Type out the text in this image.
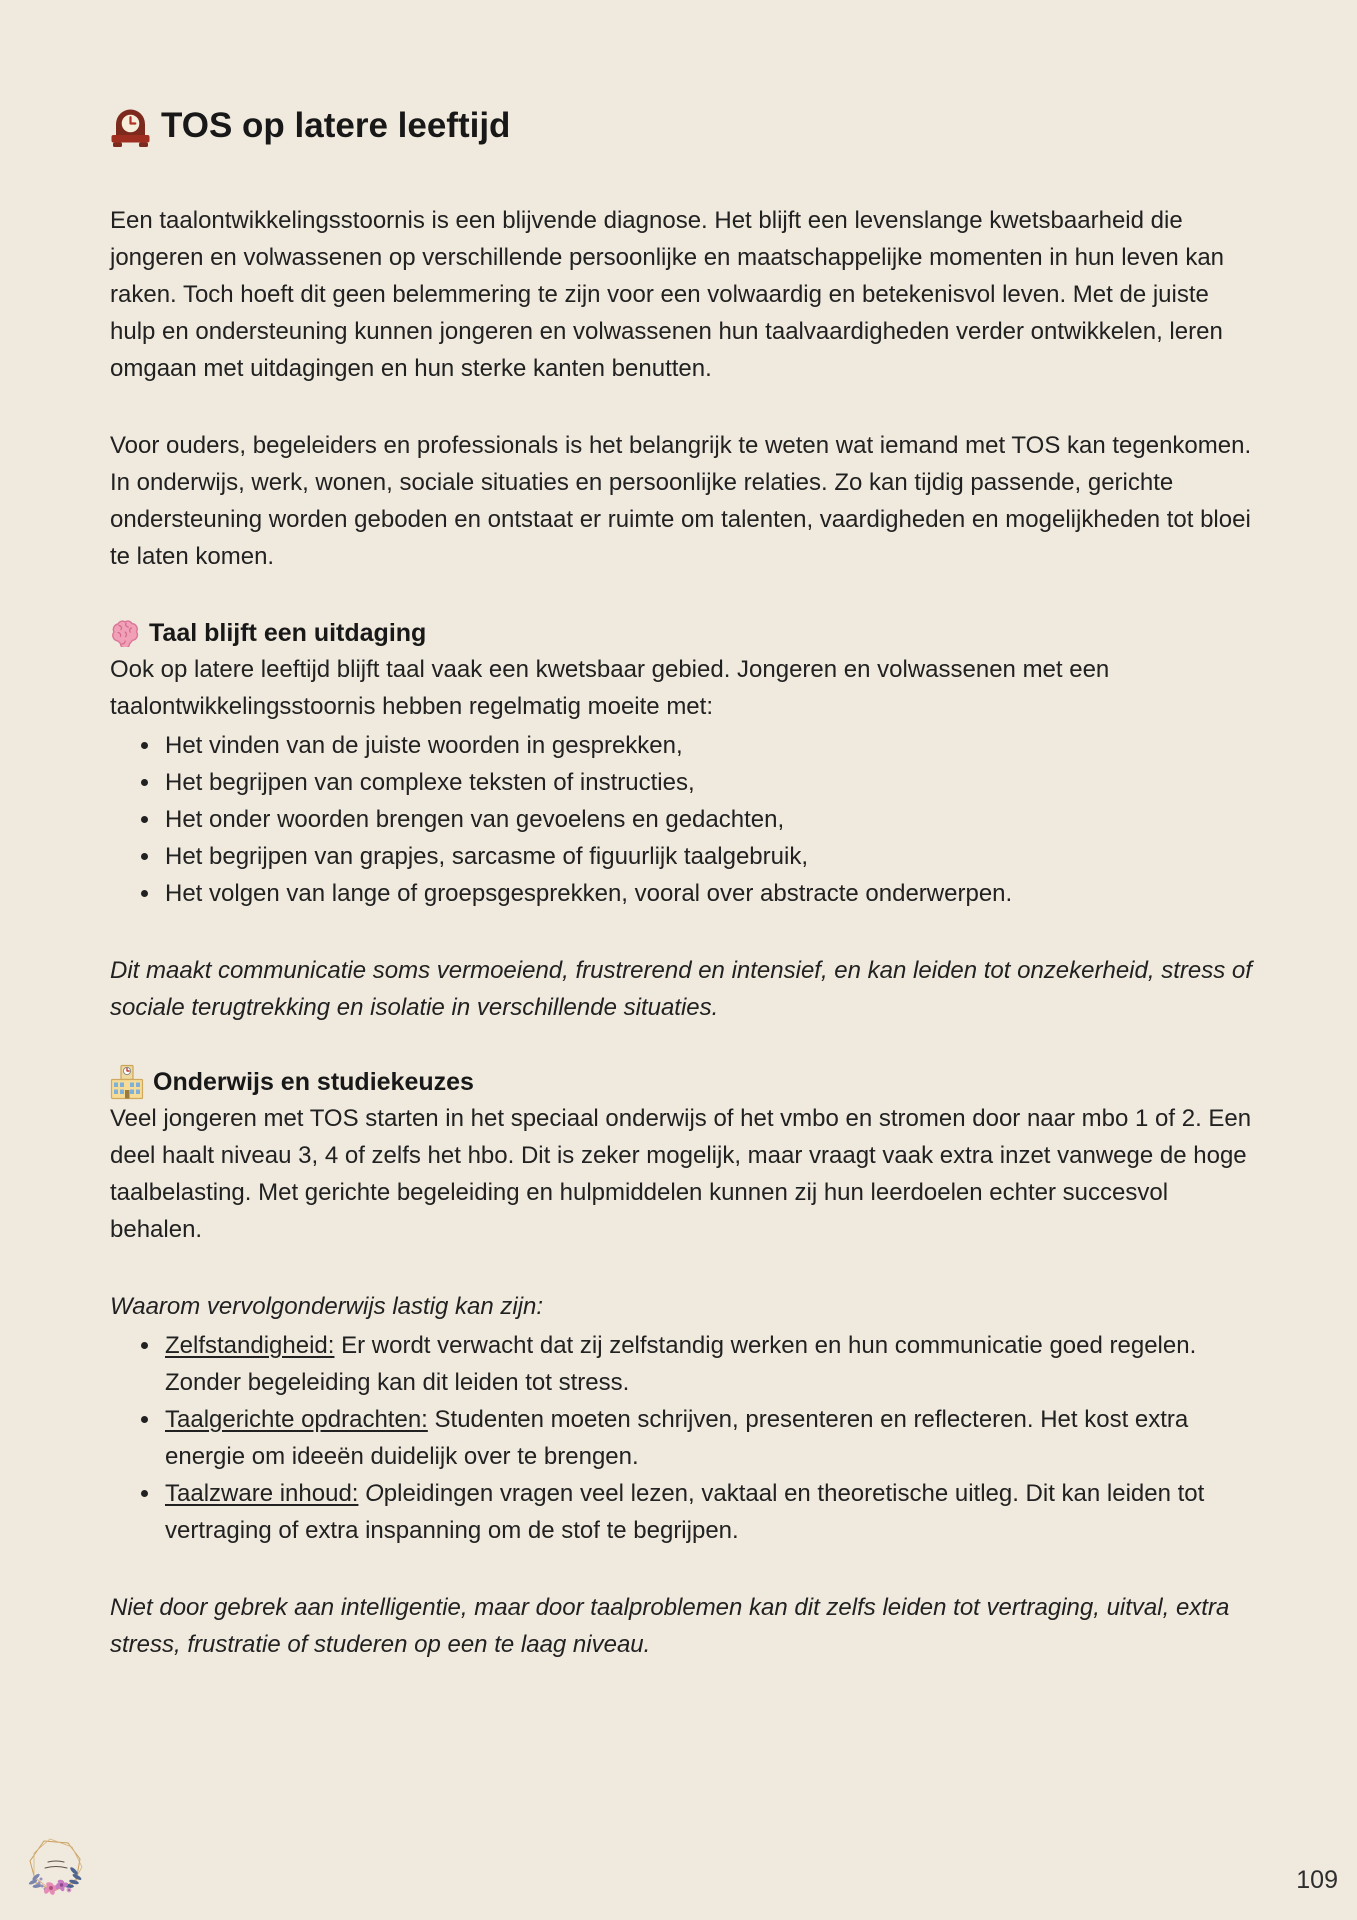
TOS op latere leeftijd

Een taalontwikkelingsstoornis is een blijvende diagnose. Het blijft een levenslange kwetsbaarheid die jongeren en volwassenen op verschillende persoonlijke en maatschappelijke momenten in hun leven kan raken. Toch hoeft dit geen belemmering te zijn voor een volwaardig en betekenisvol leven. Met de juiste hulp en ondersteuning kunnen jongeren en volwassenen hun taalvaardigheden verder ontwikkelen, leren omgaan met uitdagingen en hun sterke kanten benutten.

Voor ouders, begeleiders en professionals is het belangrijk te weten wat iemand met TOS kan tegenkomen. In onderwijs, werk, wonen, sociale situaties en persoonlijke relaties. Zo kan tijdig passende, gerichte ondersteuning worden geboden en ontstaat er ruimte om talenten, vaardigheden en mogelijkheden tot bloei te laten komen.

Taal blijft een uitdaging

Ook op latere leeftijd blijft taal vaak een kwetsbaar gebied. Jongeren en volwassenen met een taalontwikkelingsstoornis hebben regelmatig moeite met:

• Het vinden van de juiste woorden in gesprekken,
• Het begrijpen van complexe teksten of instructies,
• Het onder woorden brengen van gevoelens en gedachten,
• Het begrijpen van grapjes, sarcasme of figuurlijk taalgebruik,
• Het volgen van lange of groepsgesprekken, vooral over abstracte onderwerpen.

Dit maakt communicatie soms vermoeiend, frustrerend en intensief, en kan leiden tot onzekerheid, stress of sociale terugtrekking en isolatie in verschillende situaties.

Onderwijs en studiekeuzes

Veel jongeren met TOS starten in het speciaal onderwijs of het vmbo en stromen door naar mbo 1 of 2. Een deel haalt niveau 3, 4 of zelfs het hbo. Dit is zeker mogelijk, maar vraagt vaak extra inzet vanwege de hoge taalbelasting. Met gerichte begeleiding en hulpmiddelen kunnen zij hun leerdoelen echter succesvol behalen.

Waarom vervolgonderwijs lastig kan zijn:

• Zelfstandigheid: Er wordt verwacht dat zij zelfstandig werken en hun communicatie goed regelen. Zonder begeleiding kan dit leiden tot stress.
• Taalgerichte opdrachten: Studenten moeten schrijven, presenteren en reflecteren. Het kost extra energie om ideeën duidelijk over te brengen.
• Taalzware inhoud: Opleidingen vragen veel lezen, vaktaal en theoretische uitleg. Dit kan leiden tot vertraging of extra inspanning om de stof te begrijpen.

Niet door gebrek aan intelligentie, maar door taalproblemen kan dit zelfs leiden tot vertraging, uitval, extra stress, frustratie of studeren op een te laag niveau.

109
